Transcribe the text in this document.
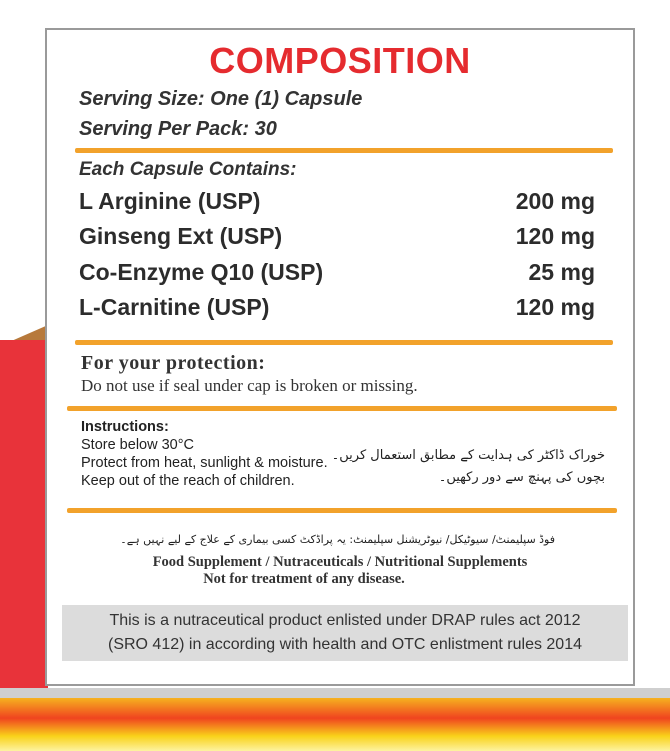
COMPOSITION
Serving Size: One (1) Capsule
Serving Per Pack: 30
Each Capsule Contains:
L Arginine (USP)	200 mg
Ginseng Ext (USP)	120 mg
Co-Enzyme Q10 (USP)	25 mg
L-Carnitine (USP)	120 mg
For your protection:
Do not use if seal under cap is broken or missing.
Instructions:
Store below 30°C
Protect from heat, sunlight & moisture.
Keep out of the reach of children.
خوراک ڈاکٹر کی ہدایت کے مطابق استعمال کریں۔
بچوں کی پہنچ سے دور رکھیں۔
فوڈ سپلیمنٹ/ سیوٹیکل/ نیوٹریشنل سپلیمنٹ: یہ پراڈکٹ کسی بیماری کے علاج کے لیے نہیں ہے۔
Food Supplement / Nutraceuticals / Nutritional Supplements
Not for treatment of any disease.
This is a nutraceutical product enlisted under DRAP rules act 2012
(SRO 412) in according with health and OTC enlistment rules 2014
